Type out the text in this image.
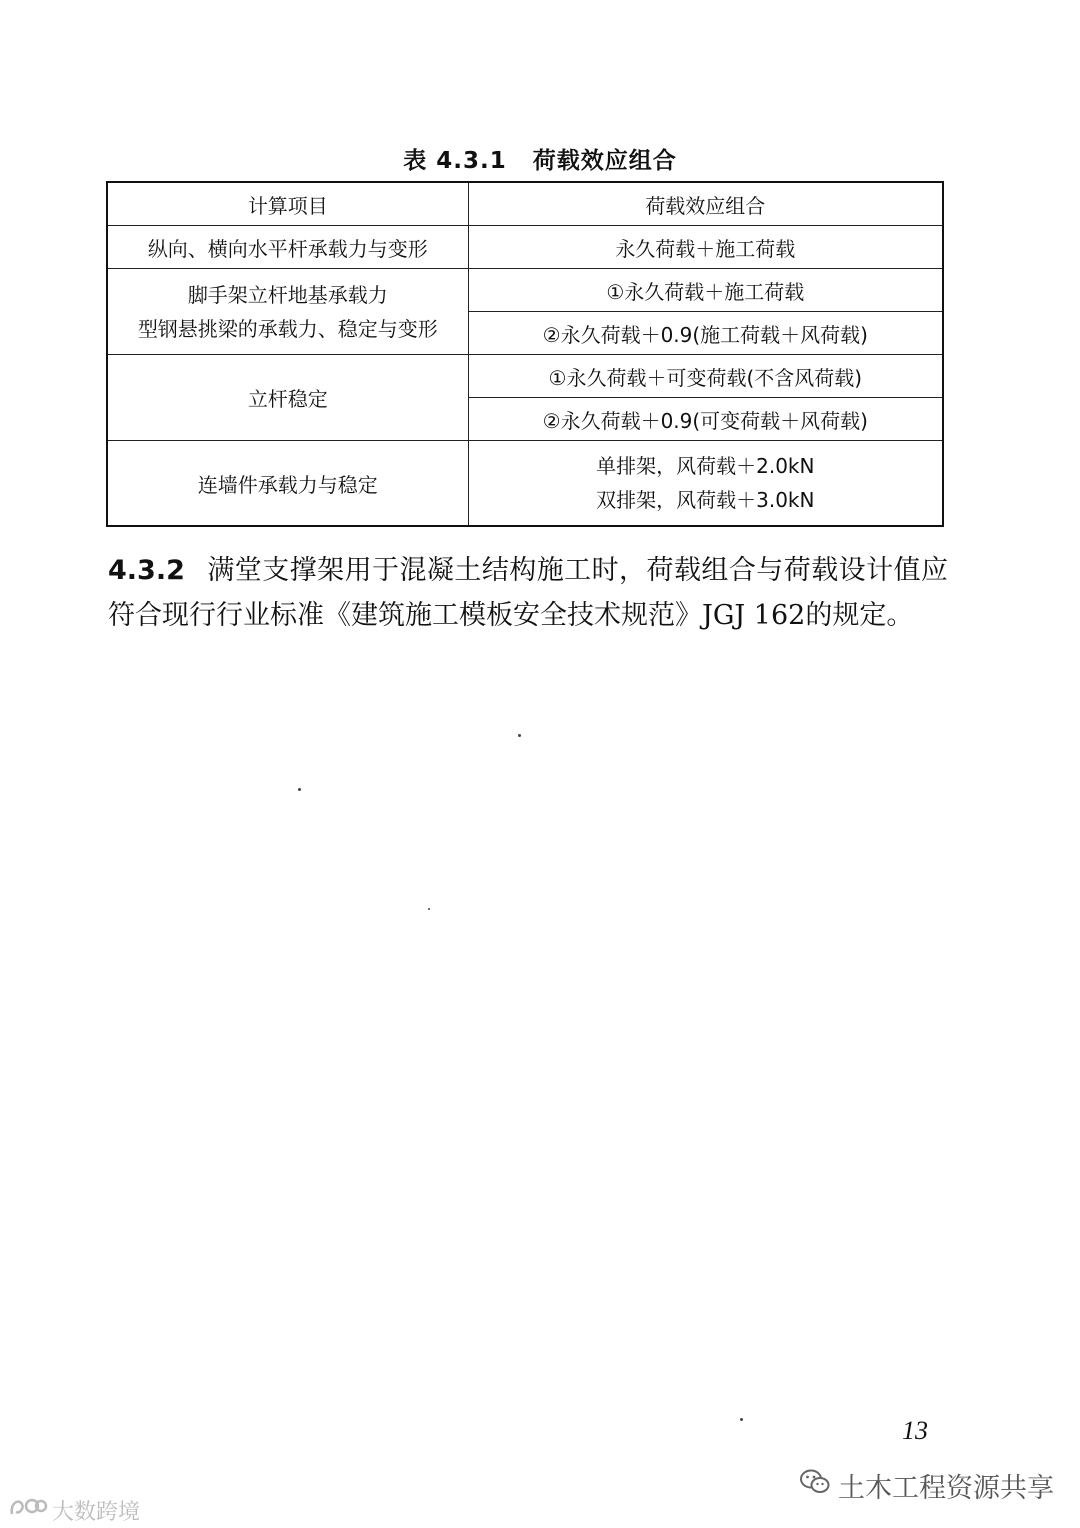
表 4.3.1 荷载效应组合
计算项目	荷载效应组合
纵向、横向水平杆承载力与变形	永久荷载＋施工荷载

脚手架立杆地基承载力
型钢悬挑梁的承载力、稳定与变形	①永久荷载＋施工荷载
	②永久荷载＋0.9(施工荷载＋风荷载)
立杆稳定	①永久荷载＋可变荷载(不含风荷载)
	②永久荷载＋0.9(可变荷载＋风荷载)
连墙件承载力与稳定	单排架，风荷载＋2.0kN
双排架，风荷载＋3.0kN
4.3.2 满堂支撑架用于混凝土结构施工时，荷载组合与荷载设计值应符合现行行业标准《建筑施工模板安全技术规范》JGJ 162的规定。
13
土木工程资源共享
大数跨境
